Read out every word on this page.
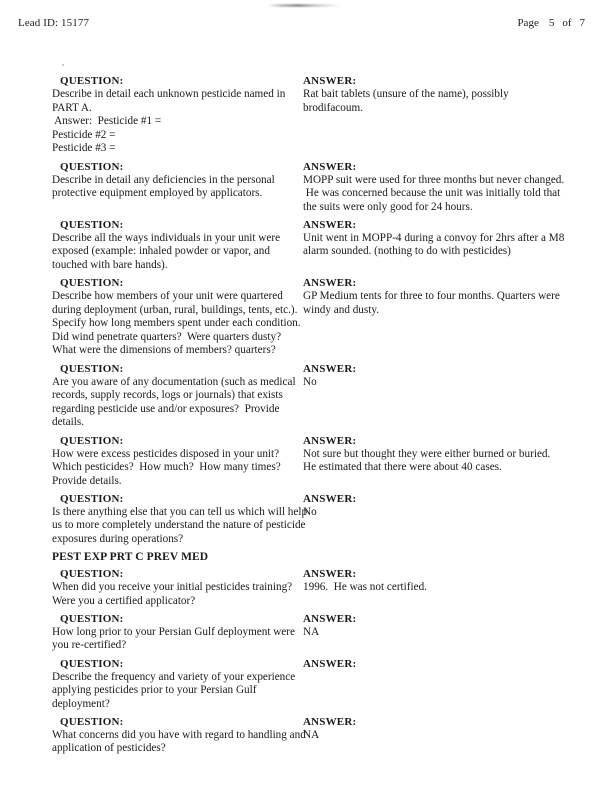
Lead ID: 15177	Page 5 of 7
QUESTION:
Describe in detail each unknown pesticide named in
PART A.
Answer:  Pesticide #1 =
Pesticide #2 =
Pesticide #3 =
ANSWER:
Rat bait tablets (unsure of the name), possibly
brodifacoum.
QUESTION:
Describe in detail any deficiencies in the personal
protective equipment employed by applicators.
ANSWER:
MOPP suit were used for three months but never changed.
He was concerned because the unit was initially told that
the suits were only good for 24 hours.
QUESTION:
Describe all the ways individuals in your unit were
exposed (example: inhaled powder or vapor, and
touched with bare hands).
ANSWER:
Unit went in MOPP-4 during a convoy for 2hrs after a M8
alarm sounded. (nothing to do with pesticides)
QUESTION:
Describe how members of your unit were quartered
during deployment (urban, rural, buildings, tents, etc.).
Specify how long members spent under each condition.
Did wind penetrate quarters?  Were quarters dusty?
What were the dimensions of members? quarters?
ANSWER:
GP Medium tents for three to four months. Quarters were
windy and dusty.
QUESTION:
Are you aware of any documentation (such as medical
records, supply records, logs or journals) that exists
regarding pesticide use and/or exposures?  Provide
details.
ANSWER:
No
QUESTION:
How were excess pesticides disposed in your unit?
Which pesticides?  How much?  How many times?
Provide details.
ANSWER:
Not sure but thought they were either burned or buried.
He estimated that there were about 40 cases.
QUESTION:
Is there anything else that you can tell us which will help
us to more completely understand the nature of pesticide
exposures during operations?
ANSWER:
No
PEST EXP PRT C PREV MED
QUESTION:
When did you receive your initial pesticides training?
Were you a certified applicator?
ANSWER:
1996.  He was not certified.
QUESTION:
How long prior to your Persian Gulf deployment were
you re-certified?
ANSWER:
NA
QUESTION:
Describe the frequency and variety of your experience
applying pesticides prior to your Persian Gulf
deployment?
ANSWER:
QUESTION:
What concerns did you have with regard to handling and
application of pesticides?
ANSWER:
NA
